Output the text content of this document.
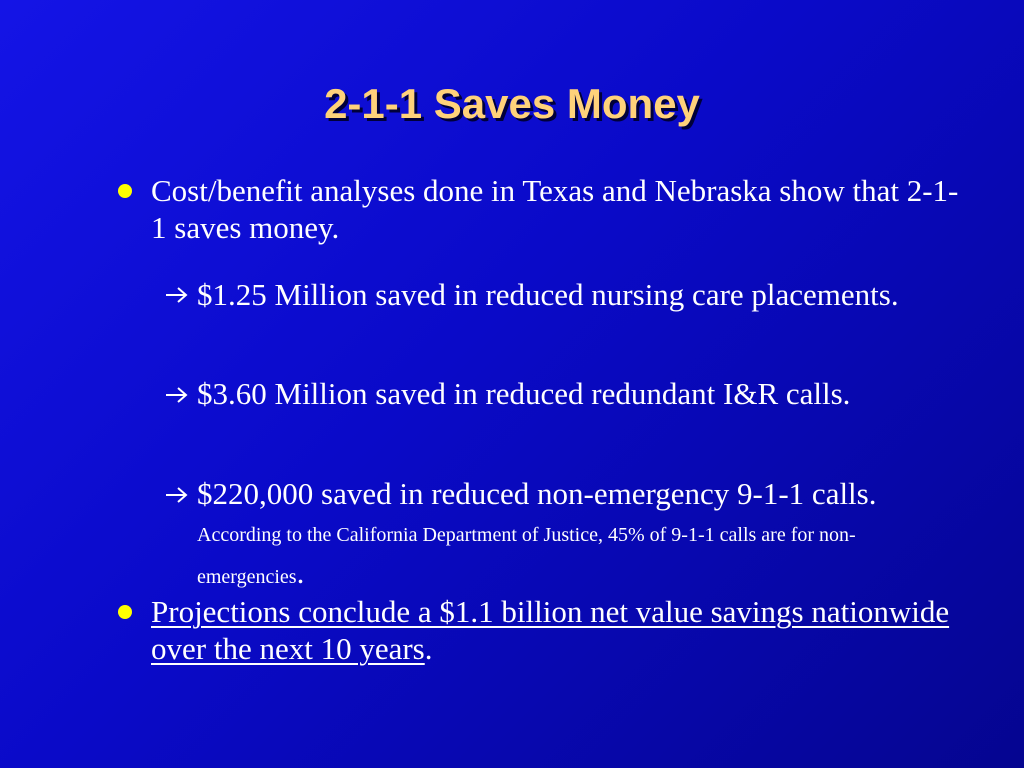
2-1-1 Saves Money
Cost/benefit analyses done in Texas and Nebraska show that 2-1-1 saves money.
$1.25 Million saved in reduced nursing care placements.
$3.60 Million saved in reduced redundant I&R calls.
$220,000 saved in reduced non-emergency 9-1-1 calls. According to the California Department of Justice, 45% of 9-1-1 calls are for non-emergencies.
Projections conclude a $1.1 billion net value savings nationwide over the next 10 years.
